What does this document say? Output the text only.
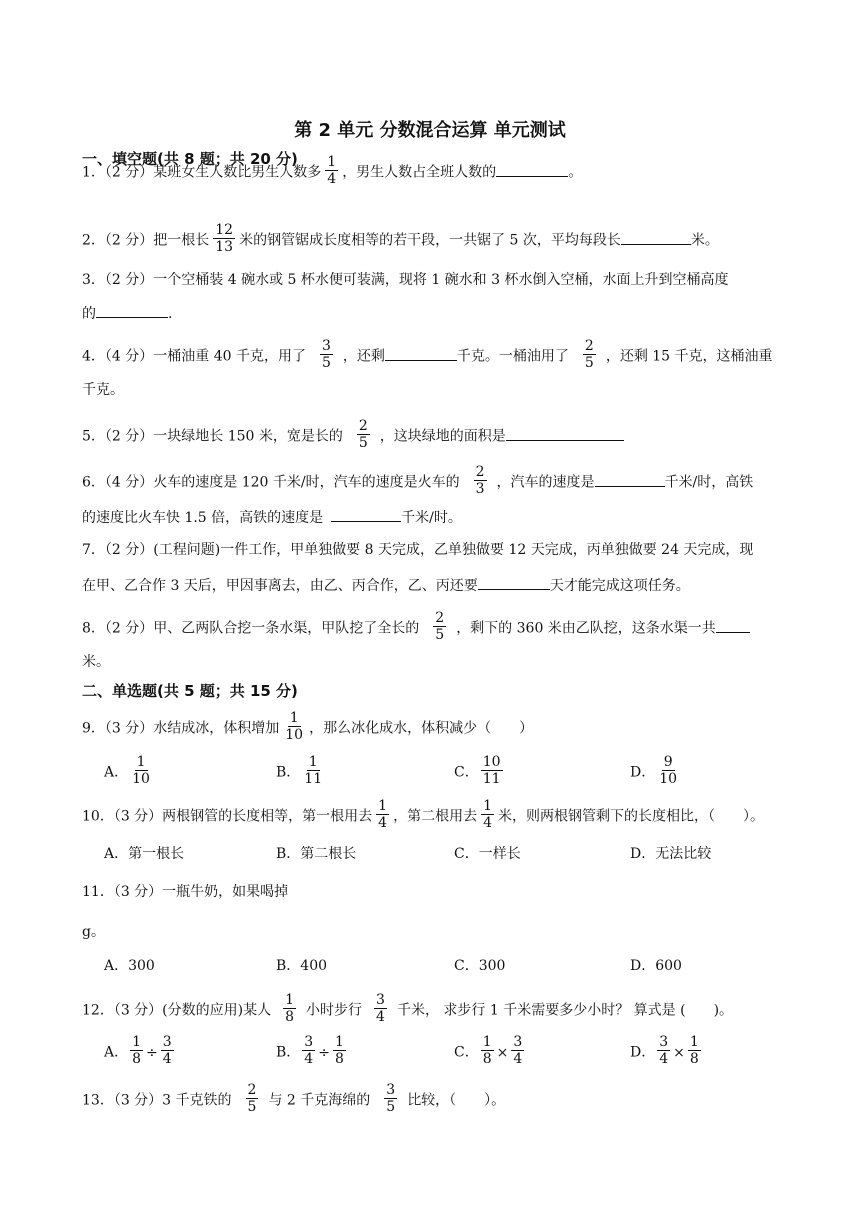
第 2 单元 分数混合运算 单元测试
一、填空题(共 8 题；共 20 分)
1．（2 分）某班女生人数比男生人数多 $\frac{1}{4}$ ，男生人数占全班人数的	。
2．（2 分）把一根长 $\frac{12}{13}$ 米的钢管锯成长度相等的若干段，一共锯了 5 次，平均每段长	米。
3．（2 分）一个空桶装 4 碗水或 5 杯水便可装满，现将 1 碗水和 3 杯水倒入空桶，水面上升到空桶高度
的	.
4．（4 分）一桶油重 40 千克，用了 $\frac{3}{5}$ ，还剩	千克。一桶油用了 $\frac{2}{5}$ ，还剩 15 千克，这桶油重
千克。
5．（2 分）一块绿地长 150 米，宽是长的 $\frac{2}{5}$ ，这块绿地的面积是
6．（4 分）火车的速度是 120 千米/时，汽车的速度是火车的 $\frac{2}{3}$ ，汽车的速度是	千米/时，高铁
的速度比火车快 1.5 倍，高铁的速度是	千米/时。
7．（2 分）(工程问题)一件工作，甲单独做要 8 天完成，乙单独做要 12 天完成，丙单独做要 24 天完成，现
在甲、乙合作 3 天后，甲因事离去，由乙、丙合作，乙、丙还要	天才能完成这项任务。
8．（2 分）甲、乙两队合挖一条水渠，甲队挖了全长的 $\frac{2}{5}$ ，剩下的 360 米由乙队挖，这条水渠一共
米。
二、单选题(共 5 题；共 15 分)
9．（3 分）水结成冰，体积增加 $\frac{1}{10}$ ，那么冰化成水，体积减少（　　）
A． $\frac{1}{10}$	B． $\frac{1}{11}$	C． $\frac{10}{11}$	D． $\frac{9}{10}$
10．（3 分）两根钢管的长度相等，第一根用去 $\frac{1}{4}$ ，第二根用去 $\frac{1}{4}$ 米，则两根钢管剩下的长度相比，（　　）。
A．第一根长	B．第二根长	C．一样长	D．无法比较
11．（3 分）一瓶牛奶，如果喝掉
g。
A．300	B．400	C．300	D．600
12．（3 分）(分数的应用)某人 $\frac{1}{8}$ 小时步行 $\frac{3}{4}$ 千米， 求步行 1 千米需要多少小时？ 算式是 (　　)。
A． $\frac{1}{8} \div \frac{3}{4}$	B． $\frac{3}{4} \div \frac{1}{8}$	C． $\frac{1}{8} \times \frac{3}{4}$	D． $\frac{3}{4} \times \frac{1}{8}$
13．（3 分）3 千克铁的 $\frac{2}{5}$ 与 2 千克海绵的 $\frac{3}{5}$ 比较，（　　）。
